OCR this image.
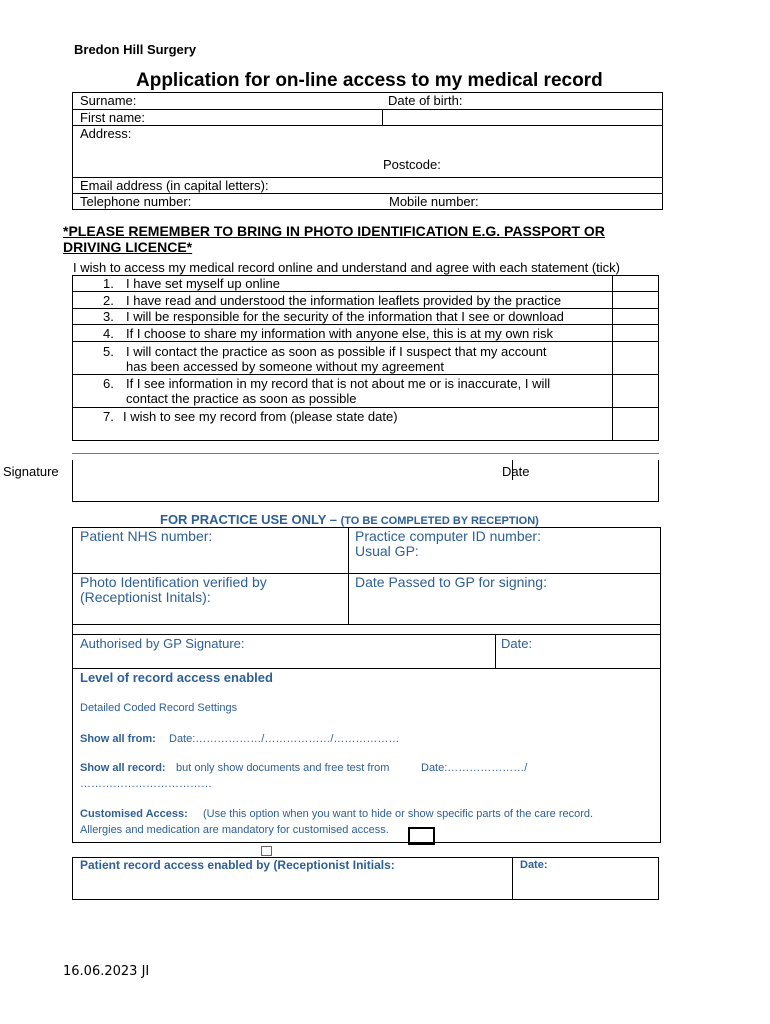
Bredon Hill Surgery
Application for on-line access to my medical record
Surname:	Date of birth:
First name:
Address:
Postcode:
Email address (in capital letters):
Telephone number:	Mobile number:
*PLEASE REMEMBER TO BRING IN PHOTO IDENTIFICATION E.G. PASSPORT OR
DRIVING LICENCE*
I wish to access my medical record online and understand and agree with each statement (tick)
1. I have set myself up online
2. I have read and understood the information leaflets provided by the practice
3. I will be responsible for the security of the information that I see or download
4. If I choose to share my information with anyone else, this is at my own risk
5. I will contact the practice as soon as possible if I suspect that my account
has been accessed by someone without my agreement
6. If I see information in my record that is not about me or is inaccurate, I will
contact the practice as soon as possible
7. I wish to see my record from (please state date)
Signature	Date
FOR PRACTICE USE ONLY – (TO BE COMPLETED BY RECEPTION)
Patient NHS number:	Practice computer ID number:
Usual GP:
Photo Identification verified by
(Receptionist Initals):
Date Passed to GP for signing:
Authorised by GP Signature:	Date:
Level of record access enabled
Detailed Coded Record Settings
Show all from: Date:………………/………………/………………
Show all record: but only show documents and free test from	Date:…………………/
………………………………
Customised Access: (Use this option when you want to hide or show specific parts of the care record.
Allergies and medication are mandatory for customised access.
Patient record access enabled by (Receptionist Initials:	Date:
16.06.2023 JI
